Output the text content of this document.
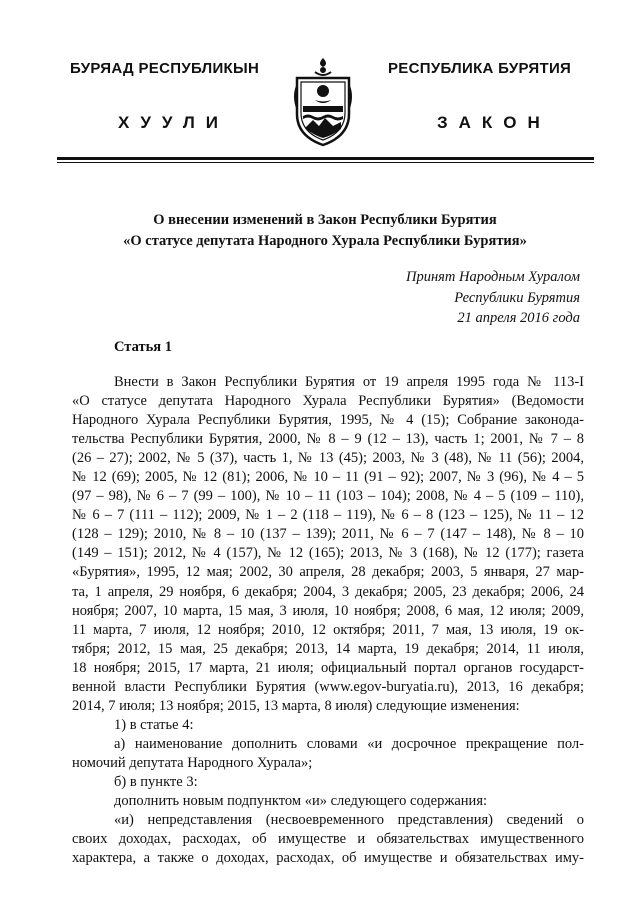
БУРЯАД РЕСПУБЛИКЫН
ХУУЛИ
РЕСПУБЛИКА БУРЯТИЯ
ЗАКОН
О внесении изменений в Закон Республики Бурятия
«О статусе депутата Народного Хурала Республики Бурятия»
Принят Народным Хуралом
Республики Бурятия
21 апреля 2016 года
Статья 1
Внести в Закон Республики Бурятия от 19 апреля 1995 года № 113-I
«О статусе депутата Народного Хурала Республики Бурятия» (Ведомости
Народного Хурала Республики Бурятия, 1995, № 4 (15); Собрание законода-
тельства Республики Бурятия, 2000, № 8 – 9 (12 – 13), часть 1; 2001, № 7 – 8
(26 – 27); 2002, № 5 (37), часть 1, № 13 (45); 2003, № 3 (48), № 11 (56); 2004,
№ 12 (69); 2005, № 12 (81); 2006, № 10 – 11 (91 – 92); 2007, № 3 (96), № 4 – 5
(97 – 98), № 6 – 7 (99 – 100), № 10 – 11 (103 – 104); 2008, № 4 – 5 (109 – 110),
№ 6 – 7 (111 – 112); 2009, № 1 – 2 (118 – 119), № 6 – 8 (123 – 125), № 11 – 12
(128 – 129); 2010, № 8 – 10 (137 – 139); 2011, № 6 – 7 (147 – 148), № 8 – 10
(149 – 151); 2012, № 4 (157), № 12 (165); 2013, № 3 (168), № 12 (177); газета
«Бурятия», 1995, 12 мая; 2002, 30 апреля, 28 декабря; 2003, 5 января, 27 мар-
та, 1 апреля, 29 ноября, 6 декабря; 2004, 3 декабря; 2005, 23 декабря; 2006, 24
ноября; 2007, 10 марта, 15 мая, 3 июля, 10 ноября; 2008, 6 мая, 12 июля; 2009,
11 марта, 7 июля, 12 ноября; 2010, 12 октября; 2011, 7 мая, 13 июля, 19 ок-
тября; 2012, 15 мая, 25 декабря; 2013, 14 марта, 19 декабря; 2014, 11 июля,
18 ноября; 2015, 17 марта, 21 июля; официальный портал органов государст-
венной власти Республики Бурятия (www.egov-buryatia.ru), 2013, 16 декабря;
2014, 7 июля; 13 ноября; 2015, 13 марта, 8 июля) следующие изменения:
1) в статье 4:
а) наименование дополнить словами «и досрочное прекращение пол-
номочий депутата Народного Хурала»;
б) в пункте 3:
дополнить новым подпунктом «и» следующего содержания:
«и) непредставления (несвоевременного представления) сведений о
своих доходах, расходах, об имуществе и обязательствах имущественного
характера, а также о доходах, расходах, об имуществе и обязательствах иму-
